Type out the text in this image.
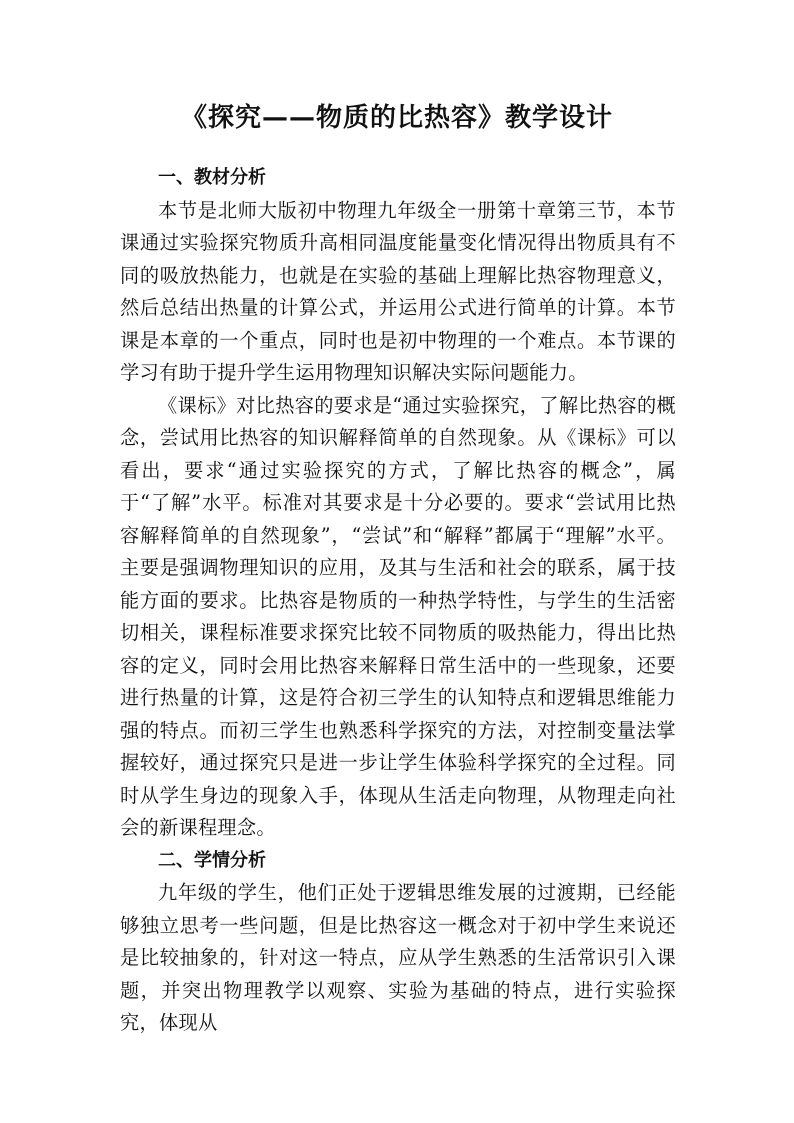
《探究——物质的比热容》教学设计
一、教材分析

本节是北师大版初中物理九年级全一册第十章第三节，本节课通过实验探究物质升高相同温度能量变化情况得出物质具有不同的吸放热能力，也就是在实验的基础上理解比热容物理意义，然后总结出热量的计算公式，并运用公式进行简单的计算。本节课是本章的一个重点，同时也是初中物理的一个难点。本节课的学习有助于提升学生运用物理知识解决实际问题能力。

《课标》对比热容的要求是“通过实验探究，了解比热容的概念，尝试用比热容的知识解释简单的自然现象。从《课标》可以看出，要求“通过实验探究的方式，了解比热容的概念”，属于“了解”水平。标准对其要求是十分必要的。要求“尝试用比热容解释简单的自然现象”，“尝试”和“解释”都属于“理解”水平。主要是强调物理知识的应用，及其与生活和社会的联系，属于技能方面的要求。比热容是物质的一种热学特性，与学生的生活密切相关，课程标准要求探究比较不同物质的吸热能力，得出比热容的定义，同时会用比热容来解释日常生活中的一些现象，还要进行热量的计算，这是符合初三学生的认知特点和逻辑思维能力强的特点。而初三学生也熟悉科学探究的方法，对控制变量法掌握较好，通过探究只是进一步让学生体验科学探究的全过程。同时从学生身边的现象入手，体现从生活走向物理，从物理走向社会的新课程理念。

二、学情分析

九年级的学生，他们正处于逻辑思维发展的过渡期，已经能够独立思考一些问题，但是比热容这一概念对于初中学生来说还是比较抽象的，针对这一特点，应从学生熟悉的生活常识引入课题，并突出物理教学以观察、实验为基础的特点，进行实验探究，体现从
